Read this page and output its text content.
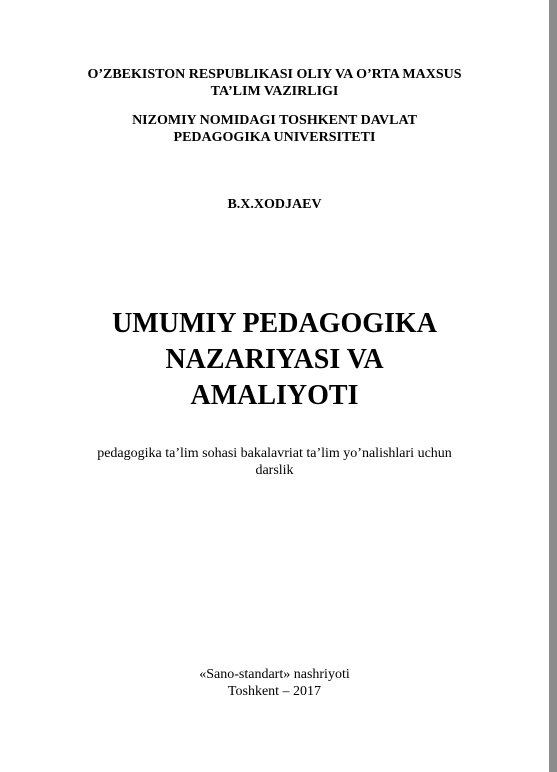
O’ZBEKISTON RESPUBLIKASI OLIY VA O’RTA MAXSUS
TA’LIM VAZIRLIGI
NIZOMIY NOMIDAGI TOSHKENT DAVLAT
PEDAGOGIKA UNIVERSITETI
B.X.XODJAEV
UMUMIY PEDAGOGIKA
NAZARIYASI VA
AMALIYOTI
pedagogika ta’lim sohasi bakalavriat ta’lim yo’nalishlari uchun
darslik
«Sano-standart» nashriyoti
Toshkent – 2017
